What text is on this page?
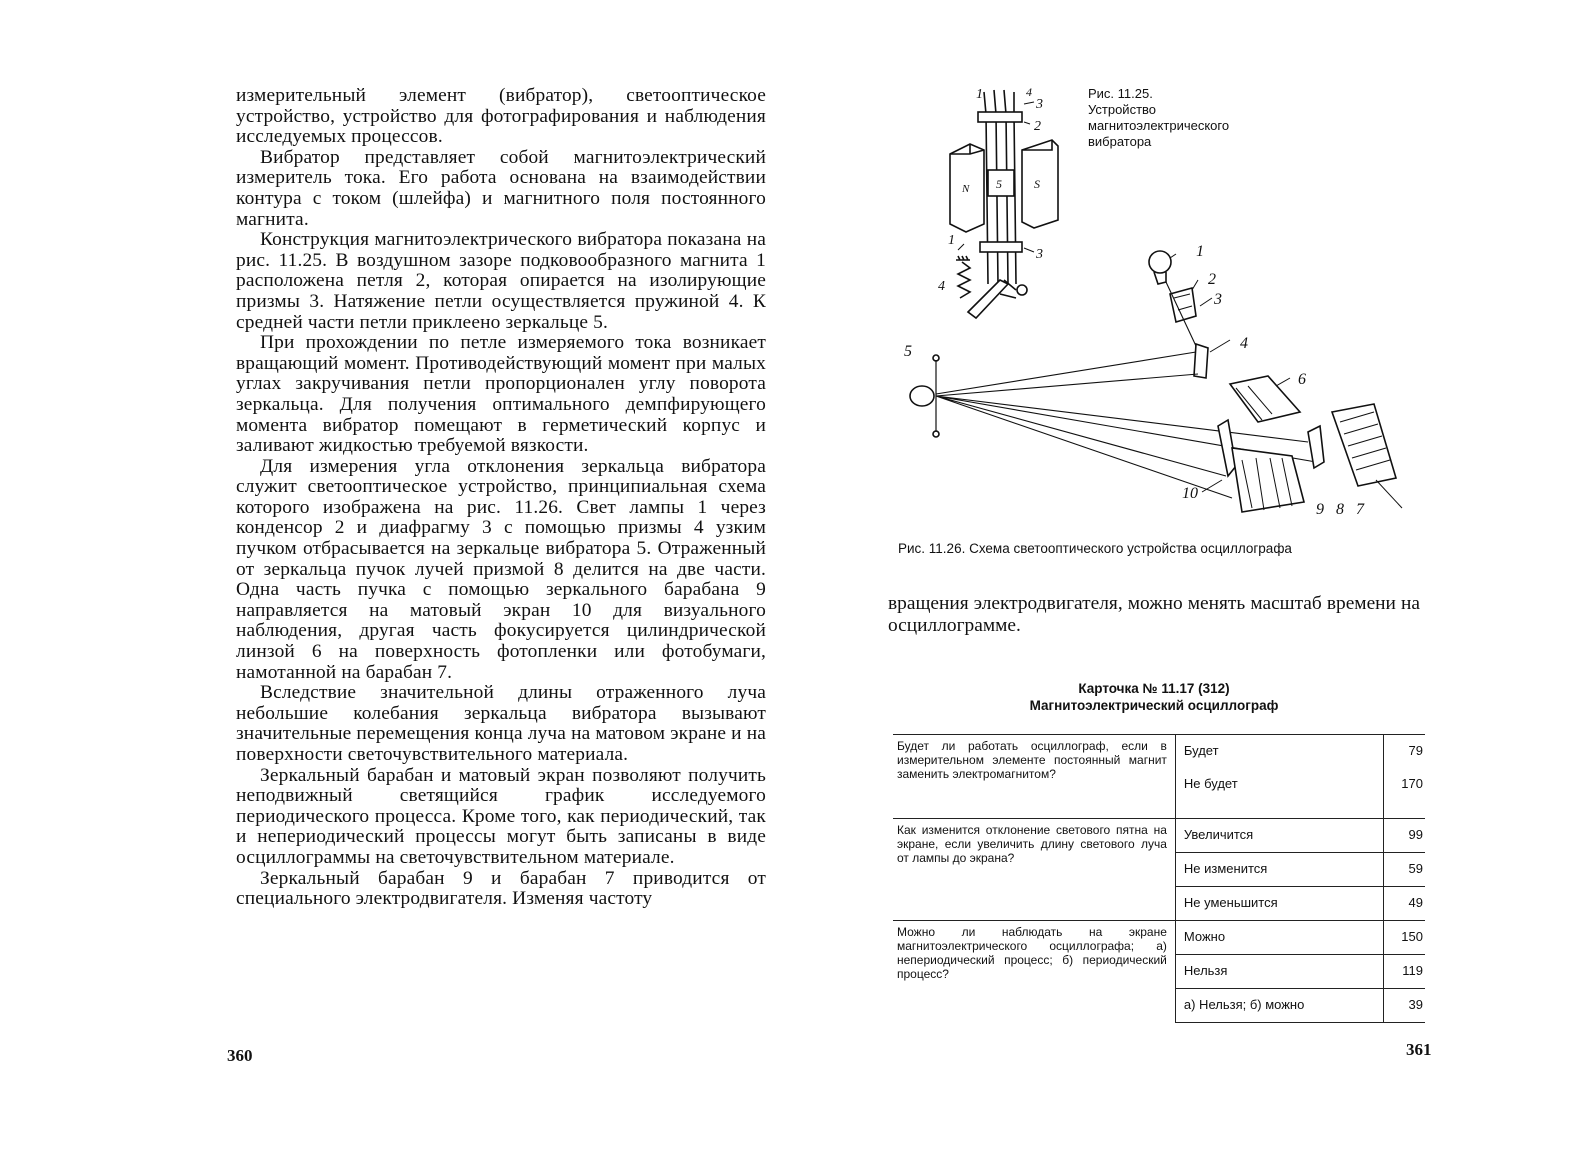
измерительный элемент (вибратор), светооптическое устройство, устройство для фотографирования и наблюдения исследуемых процессов.

Вибратор представляет собой магнитоэлектрический измеритель тока. Его работа основана на взаимодействии контура с током (шлейфа) и магнитного поля постоянного магнита.

Конструкция магнитоэлектрического вибратора показана на рис. 11.25. В воздушном зазоре подковообразного магнита 1 расположена петля 2, которая опирается на изолирующие призмы 3. Натяжение петли осуществляется пружиной 4. К средней части петли приклеено зеркальце 5.

При прохождении по петле измеряемого тока возникает вращающий момент. Противодействующий момент при малых углах закручивания петли пропорционален углу поворота зеркальца. Для получения оптимального демпфирующего момента вибратор помещают в герметический корпус и заливают жидкостью требуемой вязкости.

Для измерения угла отклонения зеркальца вибратора служит светооптическое устройство, принципиальная схема которого изображена на рис. 11.26. Свет лампы 1 через конденсор 2 и диафрагму 3 с помощью призмы 4 узким пучком отбрасывается на зеркальце вибратора 5. Отраженный от зеркальца пучок лучей призмой 8 делится на две части. Одна часть пучка с помощью зеркального барабана 9 направляется на матовый экран 10 для визуального наблюдения, другая часть фокусируется цилиндрической линзой 6 на поверхность фотопленки или фотобумаги, намотанной на барабан 7.

Вследствие значительной длины отраженного луча небольшие колебания зеркальца вибратора вызывают значительные перемещения конца луча на матовом экране и на поверхности светочувствительного материала.

Зеркальный барабан и матовый экран позволяют получить неподвижный светящийся график исследуемого периодического процесса. Кроме того, как периодический, так и непериодический процессы могут быть записаны в виде осциллограммы на светочувствительном материале.

Зеркальный барабан 9 и барабан 7 приводится от специального электродвигателя. Изменяя частоту

360
1	4
3
2
N 5	S
1
3
4
Рис. 11.25. Устройство магнитоэлектрического вибратора
1
2
3
4
5
6
10
9 8 7
Рис. 11.26. Схема светооптического устройства осциллографа

вращения электродвигателя, можно менять масштаб времени на осциллограмме.

Карточка № 11.17 (312)
Магнитоэлектрический осциллограф
Будет ли работать осциллограф, если в измерительном элементе постоянный магнит заменить электромагнитом?	Будет	79
	Не будет	170
Как изменится отклонение светового пятна на экране, если увеличить длину светового луча от лампы до экрана?	Увеличится	99
	Не изменится	59
	Не уменьшится	49
Можно ли наблюдать на экране магнитоэлектрического осциллографа; а) непериодический процесс; б) периодический процесс?	Можно	150
	Нельзя	119
	а) Нельзя; б) можно	39
361
